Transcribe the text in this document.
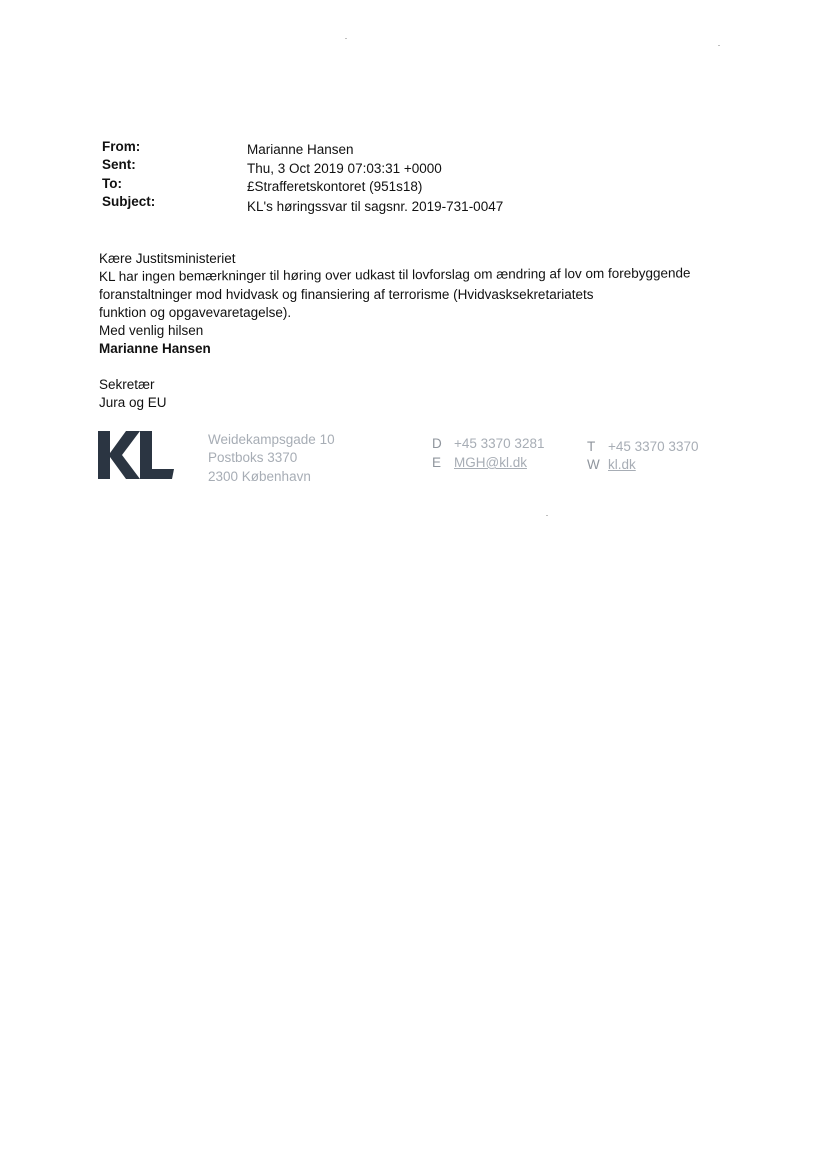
From:	Marianne Hansen
Sent:	Thu, 3 Oct 2019 07:03:31 +0000
To:	£Strafferetskontoret (951s18)
Subject:	KL's høringssvar til sagsnr. 2019-731-0047
Kære Justitsministeriet
KL har ingen bemærkninger til høring over udkast til lovforslag om ændring af lov om forebyggende
foranstaltninger mod hvidvask og finansiering af terrorisme (Hvidvasksekretariatets
funktion og opgavevaretagelse).
Med venlig hilsen
Marianne Hansen
Sekretær
Jura og EU
Weidekampsgade 10
Postboks 3370
2300 København
D +45 3370 3281
E MGH@kl.dk
T +45 3370 3370
W kl.dk
